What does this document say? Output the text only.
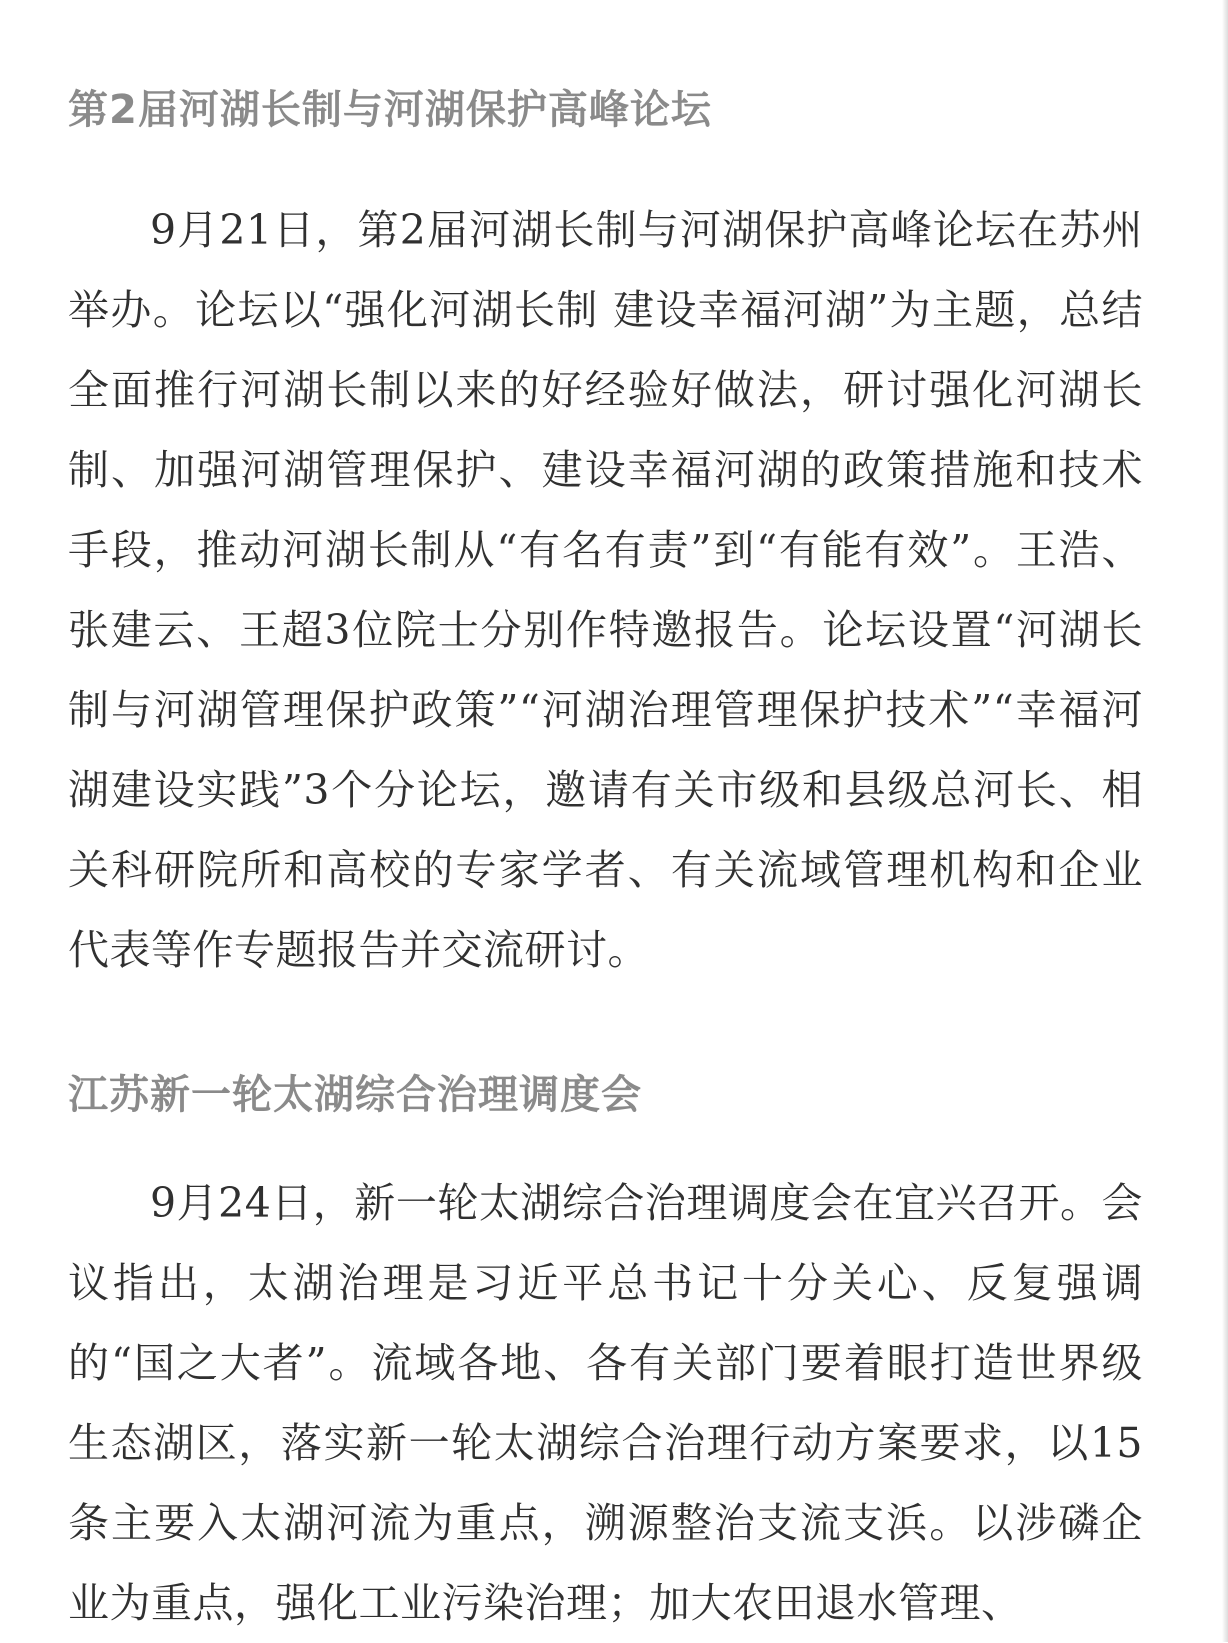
第2届河湖长制与河湖保护高峰论坛

9月21日，第2届河湖长制与河湖保护高峰论坛在苏州举办。论坛以“强化河湖长制 建设幸福河湖”为主题，总结全面推行河湖长制以来的好经验好做法，研讨强化河湖长制、加强河湖管理保护、建设幸福河湖的政策措施和技术手段，推动河湖长制从“有名有责”到“有能有效”。王浩、张建云、王超3位院士分别作特邀报告。论坛设置“河湖长制与河湖管理保护政策”“河湖治理管理保护技术”“幸福河湖建设实践”3个分论坛，邀请有关市级和县级总河长、相关科研院所和高校的专家学者、有关流域管理机构和企业代表等作专题报告并交流研讨。

江苏新一轮太湖综合治理调度会

9月24日，新一轮太湖综合治理调度会在宜兴召开。会议指出，太湖治理是习近平总书记十分关心、反复强调的“国之大者”。流域各地、各有关部门要着眼打造世界级生态湖区，落实新一轮太湖综合治理行动方案要求，以15条主要入太湖河流为重点，溯源整治支流支浜。以涉磷企业为重点，强化工业污染治理；加大农田退水管理、
